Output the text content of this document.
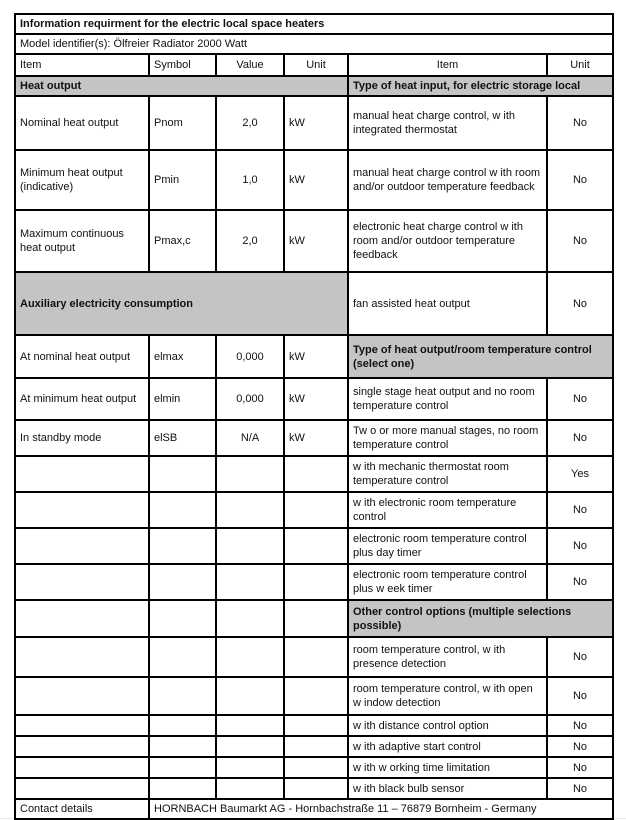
Information requirment for the electric local space heaters					
Model identifier(s): Ölfreier Radiator 2000 Watt					
Item	Symbol	Value	Unit	Item	Unit
Heat output				Type of heat input, for electric storage local	
Nominal heat output	Pnom	2,0	kW	manual heat charge control, w ith integrated thermostat	No
Minimum heat output (indicative)	Pmin	1,0	kW	manual heat charge control w ith room and/or outdoor temperature feedback	No
Maximum continuous heat output	Pmax,c	2,0	kW	electronic heat charge control w ith room and/or outdoor temperature feedback	No
Auxiliary electricity consumption				fan assisted heat output	No
At nominal heat output	elmax	0,000	kW	Type of heat output/room temperature control (select one)	
At minimum heat output	elmin	0,000	kW	single stage heat output and no room temperature control	No
In standby mode	elSB	N/A	kW	Tw o or more manual stages, no room temperature control	No
				w ith mechanic thermostat room temperature control	Yes
				w ith electronic room temperature control	No
				electronic room temperature control plus day timer	No
				electronic room temperature control plus w eek timer	No
				Other control options (multiple selections possible)	
				room temperature control, w ith presence detection	No
				room temperature control, w ith open w indow detection	No
				w ith distance control option	No
				w ith adaptive start control	No
				w ith w orking time limitation	No
				w ith black bulb sensor	No
Contact details	HORNBACH Baumarkt AG - Hornbachstraße 11 – 76879 Bornheim - Germany				
